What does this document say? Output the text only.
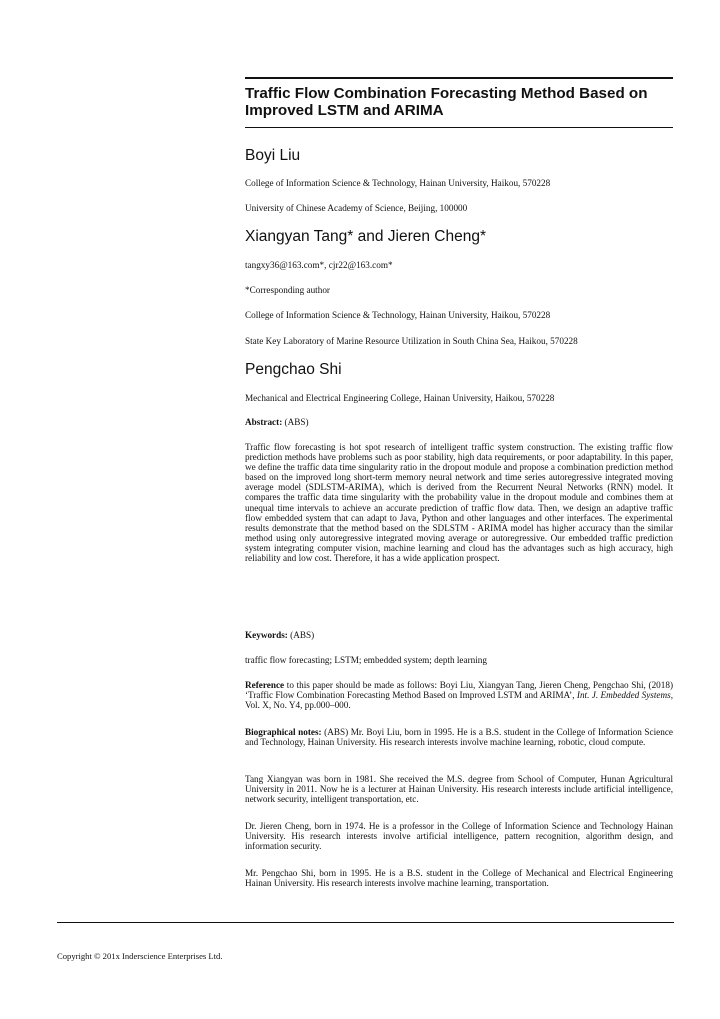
Traffic Flow Combination Forecasting Method Based on Improved LSTM and ARIMA

Boyi Liu

College of Information Science & Technology, Hainan University, Haikou, 570228

University of Chinese Academy of Science, Beijing, 100000

Xiangyan Tang* and Jieren Cheng*

tangxy36@163.com*, cjr22@163.com*

*Corresponding author

College of Information Science & Technology, Hainan University, Haikou, 570228

State Key Laboratory of Marine Resource Utilization in South China Sea, Haikou, 570228

Pengchao Shi

Mechanical and Electrical Engineering College, Hainan University, Haikou, 570228

Abstract: (ABS)

Traffic flow forecasting is hot spot research of intelligent traffic system construction. The existing traffic flow prediction methods have problems such as poor stability, high data requirements, or poor adaptability. In this paper, we define the traffic data time singularity ratio in the dropout module and propose a combination prediction method based on the improved long short-term memory neural network and time series autoregressive integrated moving average model (SDLSTM-ARIMA), which is derived from the Recurrent Neural Networks (RNN) model. It compares the traffic data time singularity with the probability value in the dropout module and combines them at unequal time intervals to achieve an accurate prediction of traffic flow data. Then, we design an adaptive traffic flow embedded system that can adapt to Java, Python and other languages and other interfaces. The experimental results demonstrate that the method based on the SDLSTM - ARIMA model has higher accuracy than the similar method using only autoregressive integrated moving average or autoregressive. Our embedded traffic prediction system integrating computer vision, machine learning and cloud has the advantages such as high accuracy, high reliability and low cost. Therefore, it has a wide application prospect.

Keywords: (ABS)

traffic flow forecasting; LSTM; embedded system; depth learning

Reference to this paper should be made as follows: Boyi Liu, Xiangyan Tang, Jieren Cheng, Pengchao Shi, (2018) ‘Traffic Flow Combination Forecasting Method Based on Improved LSTM and ARIMA’, Int. J. Embedded Systems, Vol. X, No. Y4, pp.000–000.

Biographical notes: (ABS) Mr. Boyi Liu, born in 1995. He is a B.S. student in the College of Information Science and Technology, Hainan University. His research interests involve machine learning, robotic, cloud compute.

Tang Xiangyan was born in 1981. She received the M.S. degree from School of Computer, Hunan Agricultural University in 2011. Now he is a lecturer at Hainan University. His research interests include artificial intelligence, network security, intelligent transportation, etc.

Dr. Jieren Cheng, born in 1974. He is a professor in the College of Information Science and Technology Hainan University. His research interests involve artificial intelligence, pattern recognition, algorithm design, and information security.

Mr. Pengchao Shi, born in 1995. He is a B.S. student in the College of Mechanical and Electrical Engineering Hainan University. His research interests involve machine learning, transportation.

Copyright © 201x Inderscience Enterprises Ltd.
